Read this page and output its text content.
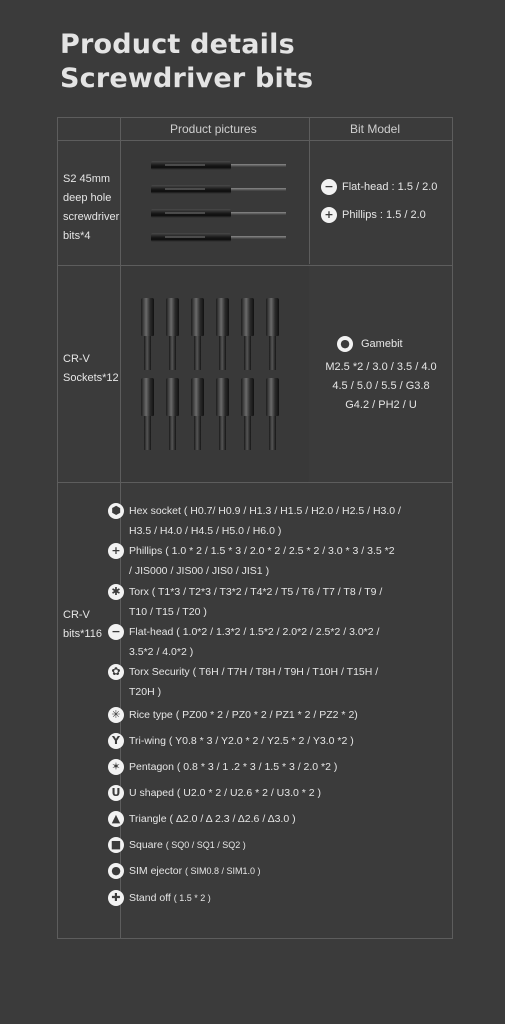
Product details
Screwdriver bits
Product pictures	Bit Model
S2 45mm
deep hole
screwdriver
bits*4
− Flat-head : 1.5 / 2.0
+ Phillips : 1.5 / 2.0
CR-V
Sockets*12
● Gamebit
M2.5 *2 / 3.0 / 3.5 / 4.0
4.5 / 5.0 / 5.5 / G3.8
G4.2 / PH2 / U
CR-V
bits*116
⬢ Hex socket ( H0.7/ H0.9 / H1.3 / H1.5 / H2.0 / H2.5 / H3.0 /
H3.5 / H4.0 / H4.5 / H5.0 / H6.0 )
+ Phillips ( 1.0 * 2 / 1.5 * 3 / 2.0 * 2 / 2.5 * 2 / 3.0 * 3 / 3.5 *2
/ JIS000 / JIS00 / JIS0 / JIS1 )
✱ Torx ( T1*3 / T2*3 / T3*2 / T4*2 / T5 / T6 / T7 / T8 / T9 /
T10 / T15 / T20 )
− Flat-head ( 1.0*2 / 1.3*2 / 1.5*2 / 2.0*2 / 2.5*2 / 3.0*2 /
3.5*2 / 4.0*2 )
✿ Torx Security ( T6H / T7H / T8H / T9H / T10H / T15H /
T20H )
✳ Rice type ( PZ00 * 2 / PZ0 * 2 / PZ1 * 2 / PZ2 * 2)
Y Tri-wing ( Y0.8 * 3 / Y2.0 * 2 / Y2.5 * 2 / Y3.0 *2 )
✶ Pentagon ( 0.8 * 3 / 1 .2 * 3 / 1.5 * 3 / 2.0 *2 )
U U shaped ( U2.0 * 2 / U2.6 * 2 / U3.0 * 2 )
▲ Triangle ( Δ2.0 / Δ 2.3 / Δ2.6 / Δ3.0 )
■ Square ( SQ0 / SQ1 / SQ2 )
● SIM ejector ( SIM0.8 / SIM1.0 )
✚ Stand off ( 1.5 * 2 )
